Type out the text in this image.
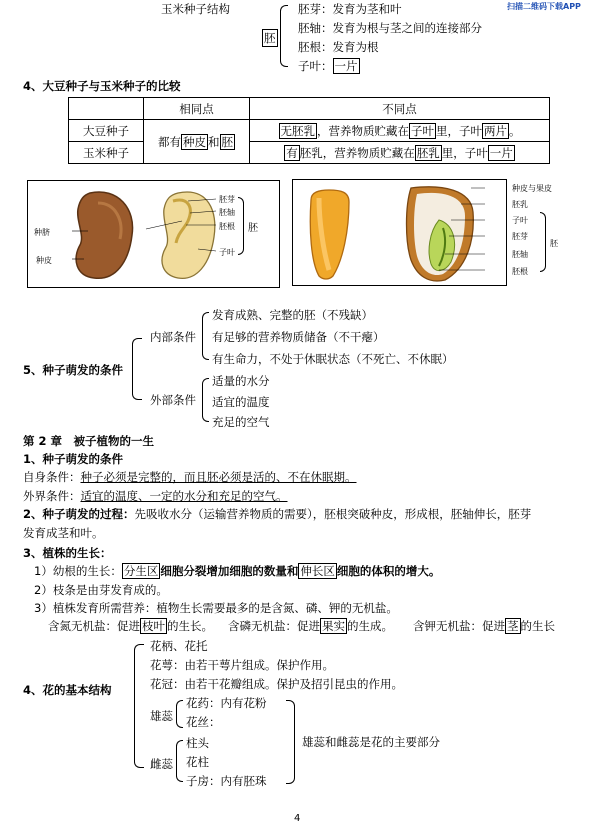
玉米种子结构	扫描二维码下载APP
胚
胚芽：发育为茎和叶
胚轴：发育为根与茎之间的连接部分
胚根：发育为根
子叶： 一片
4、大豆种子与玉米种子的比较
	相同点	不同点
大豆种子	都有 种皮 和 胚	无胚乳 ，营养物质贮藏在 子叶 里，子叶 两片 。
玉米种子		有 胚乳，营养物质贮藏在 胚乳 里，子叶 一片
种脐
种皮
胚芽
胚轴
胚根
子叶
胚
种皮与果皮
胚乳
子叶
胚芽
胚轴
胚根
胚
5、种子萌发的条件
内部条件
发育成熟、完整的胚（不残缺）
有足够的营养物质储备（不干瘪）
有生命力，不处于休眠状态（不死亡、不休眠）
外部条件
适量的水分
适宜的温度
充足的空气
第 2 章　被子植物的一生
1、种子萌发的条件
自身条件：种子必须是完整的，而且胚必须是活的、不在休眠期。
外界条件：适宜的温度、一定的水分和充足的空气。
2、种子萌发的过程：先吸收水分（运输营养物质的需要），胚根突破种皮，形成根，胚轴伸长，胚芽
发育成茎和叶。
3、植株的生长：
1）幼根的生长： 分生区 细胞分裂增加细胞的数量和 伸长区 细胞的体积的增大。
2）枝条是由芽发育成的。
3）植株发育所需营养：植物生长需要最多的是含氮、磷、钾的无机盐。
含氮无机盐：促进 枝叶 的生长。 含磷无机盐：促进 果实 的生成。 含钾无机盐：促进 茎 的生长
4、花的基本结构
花柄、花托
花萼：由若干萼片组成。保护作用。
花冠：由若干花瓣组成。保护及招引昆虫的作用。
雄蕊
花药：内有花粉
花丝：
雌蕊
柱头
花柱
子房：内有胚珠
雄蕊和雌蕊是花的主要部分
4
